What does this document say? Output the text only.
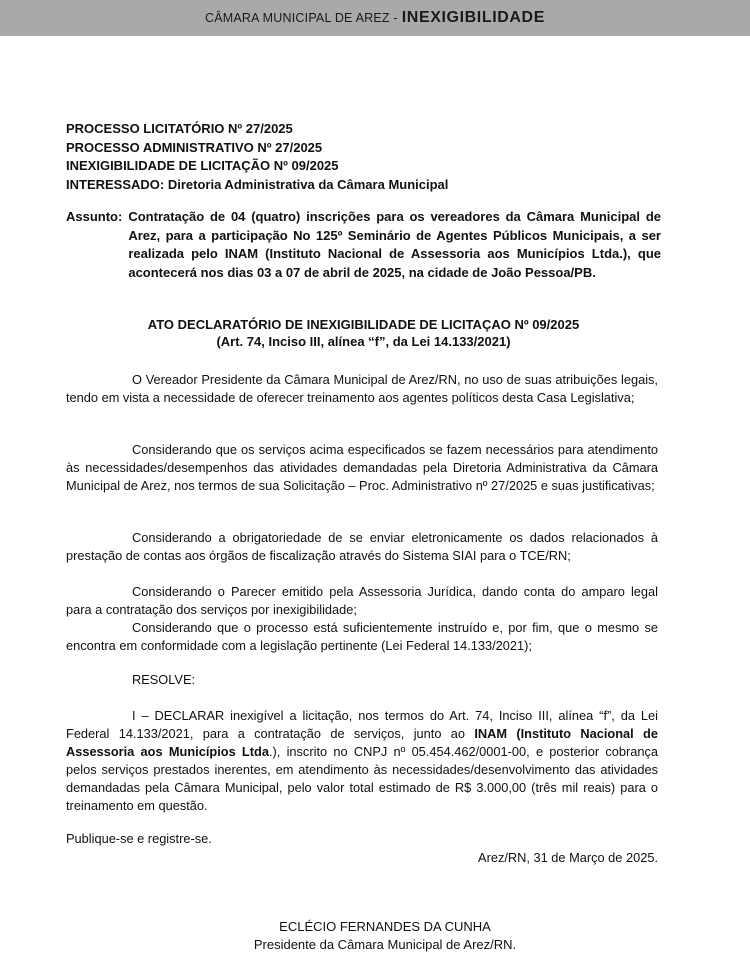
CÂMARA MUNICIPAL DE AREZ - INEXIGIBILIDADE
PROCESSO LICITATÓRIO Nº 27/2025
PROCESSO ADMINISTRATIVO Nº 27/2025
INEXIGIBILIDADE DE LICITAÇÃO Nº 09/2025
INTERESSADO: Diretoria Administrativa da Câmara Municipal
Assunto: Contratação de 04 (quatro) inscrições para os vereadores da Câmara Municipal de Arez, para a participação No 125º Seminário de Agentes Públicos Municipais, a ser realizada pelo INAM (Instituto Nacional de Assessoria aos Municípios Ltda.), que acontecerá nos dias 03 a 07 de abril de 2025, na cidade de João Pessoa/PB.
ATO DECLARATÓRIO DE INEXIGIBILIDADE DE LICITAÇAO Nº 09/2025
(Art. 74, Inciso III, alínea “f”, da Lei 14.133/2021)
O Vereador Presidente da Câmara Municipal de Arez/RN, no uso de suas atribuições legais, tendo em vista a necessidade de oferecer treinamento aos agentes políticos desta Casa Legislativa;
Considerando que os serviços acima especificados se fazem necessários para atendimento às necessidades/desempenhos das atividades demandadas pela Diretoria Administrativa da Câmara Municipal de Arez, nos termos de sua Solicitação – Proc. Administrativo nº 27/2025 e suas justificativas;
Considerando a obrigatoriedade de se enviar eletronicamente os dados relacionados à prestação de contas aos órgãos de fiscalização através do Sistema SIAI para o TCE/RN;
Considerando o Parecer emitido pela Assessoria Jurídica, dando conta do amparo legal para a contratação dos serviços por inexigibilidade;
Considerando que o processo está suficientemente instruído e, por fim, que o mesmo se encontra em conformidade com a legislação pertinente (Lei Federal 14.133/2021);
RESOLVE:
I – DECLARAR inexigível a licitação, nos termos do Art. 74, Inciso III, alínea “f”, da Lei Federal 14.133/2021, para a contratação de serviços, junto ao INAM (Instituto Nacional de Assessoria aos Municípios Ltda.), inscrito no CNPJ nº 05.454.462/0001-00, e posterior cobrança pelos serviços prestados inerentes, em atendimento às necessidades/desenvolvimento das atividades demandadas pela Câmara Municipal, pelo valor total estimado de R$ 3.000,00 (três mil reais) para o treinamento em questão.
Publique-se e registre-se.
Arez/RN, 31 de Março de 2025.
ECLÉCIO FERNANDES DA CUNHA
Presidente da Câmara Municipal de Arez/RN.
